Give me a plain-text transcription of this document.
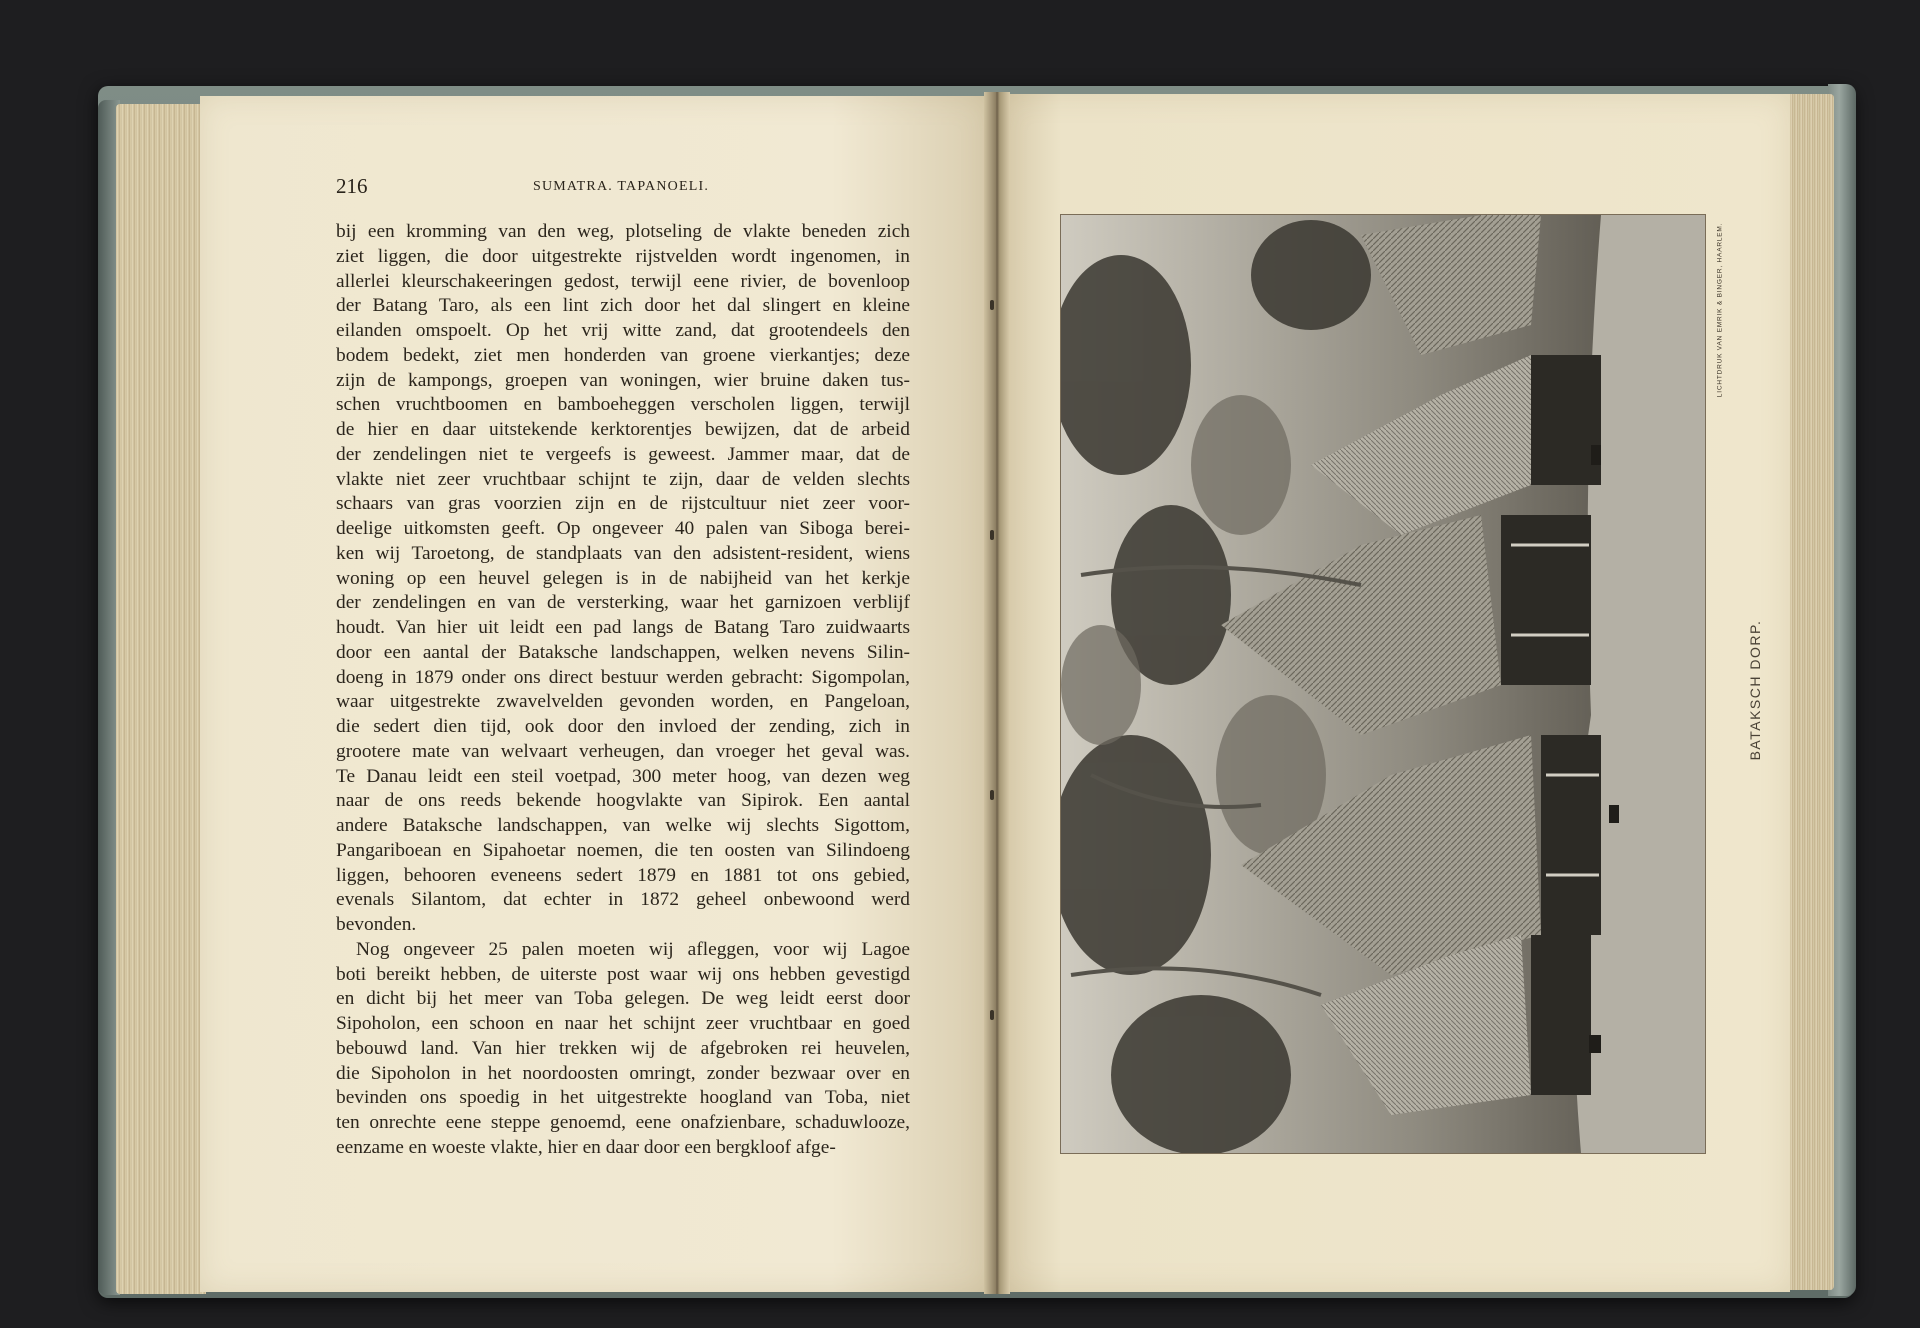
216	SUMATRA. TAPANOELI.
bij een kromming van den weg, plotseling de vlakte beneden zich
ziet liggen, die door uitgestrekte rijstvelden wordt ingenomen, in
allerlei kleurschakeeringen gedost, terwijl eene rivier, de bovenloop
der Batang Taro, als een lint zich door het dal slingert en kleine
eilanden omspoelt. Op het vrij witte zand, dat grootendeels den
bodem bedekt, ziet men honderden van groene vierkantjes; deze
zijn de kampongs, groepen van woningen, wier bruine daken tus-
schen vruchtboomen en bamboeheggen verscholen liggen, terwijl
de hier en daar uitstekende kerktorentjes bewijzen, dat de arbeid
der zendelingen niet te vergeefs is geweest. Jammer maar, dat de
vlakte niet zeer vruchtbaar schijnt te zijn, daar de velden slechts
schaars van gras voorzien zijn en de rijstcultuur niet zeer voor-
deelige uitkomsten geeft. Op ongeveer 40 palen van Siboga berei-
ken wij Taroetong, de standplaats van den adsistent-resident, wiens
woning op een heuvel gelegen is in de nabijheid van het kerkje
der zendelingen en van de versterking, waar het garnizoen verblijf
houdt. Van hier uit leidt een pad langs de Batang Taro zuidwaarts
door een aantal der Bataksche landschappen, welken nevens Silin-
doeng in 1879 onder ons direct bestuur werden gebracht: Sigompolan,
waar uitgestrekte zwavelvelden gevonden worden, en Pangeloan,
die sedert dien tijd, ook door den invloed der zending, zich in
grootere mate van welvaart verheugen, dan vroeger het geval was.
Te Danau leidt een steil voetpad, 300 meter hoog, van dezen weg
naar de ons reeds bekende hoogvlakte van Sipirok. Een aantal
andere Bataksche landschappen, van welke wij slechts Sigottom,
Pangariboean en Sipahoetar noemen, die ten oosten van Silindoeng
liggen, behooren eveneens sedert 1879 en 1881 tot ons gebied,
evenals Silantom, dat echter in 1872 geheel onbewoond werd
bevonden.
Nog ongeveer 25 palen moeten wij afleggen, voor wij Lagoe
boti bereikt hebben, de uiterste post waar wij ons hebben gevestigd
en dicht bij het meer van Toba gelegen. De weg leidt eerst door
Sipoholon, een schoon en naar het schijnt zeer vruchtbaar en goed
bebouwd land. Van hier trekken wij de afgebroken rei heuvelen,
die Sipoholon in het noordoosten omringt, zonder bezwaar over en
bevinden ons spoedig in het uitgestrekte hoogland van Toba, niet
ten onrechte eene steppe genoemd, eene onafzienbare, schaduwlooze,
eenzame en woeste vlakte, hier en daar door een bergkloof afge-
LICHTDRUK VAN EMRIK & BINGER, HAARLEM.
BATAKSCH DORP.
